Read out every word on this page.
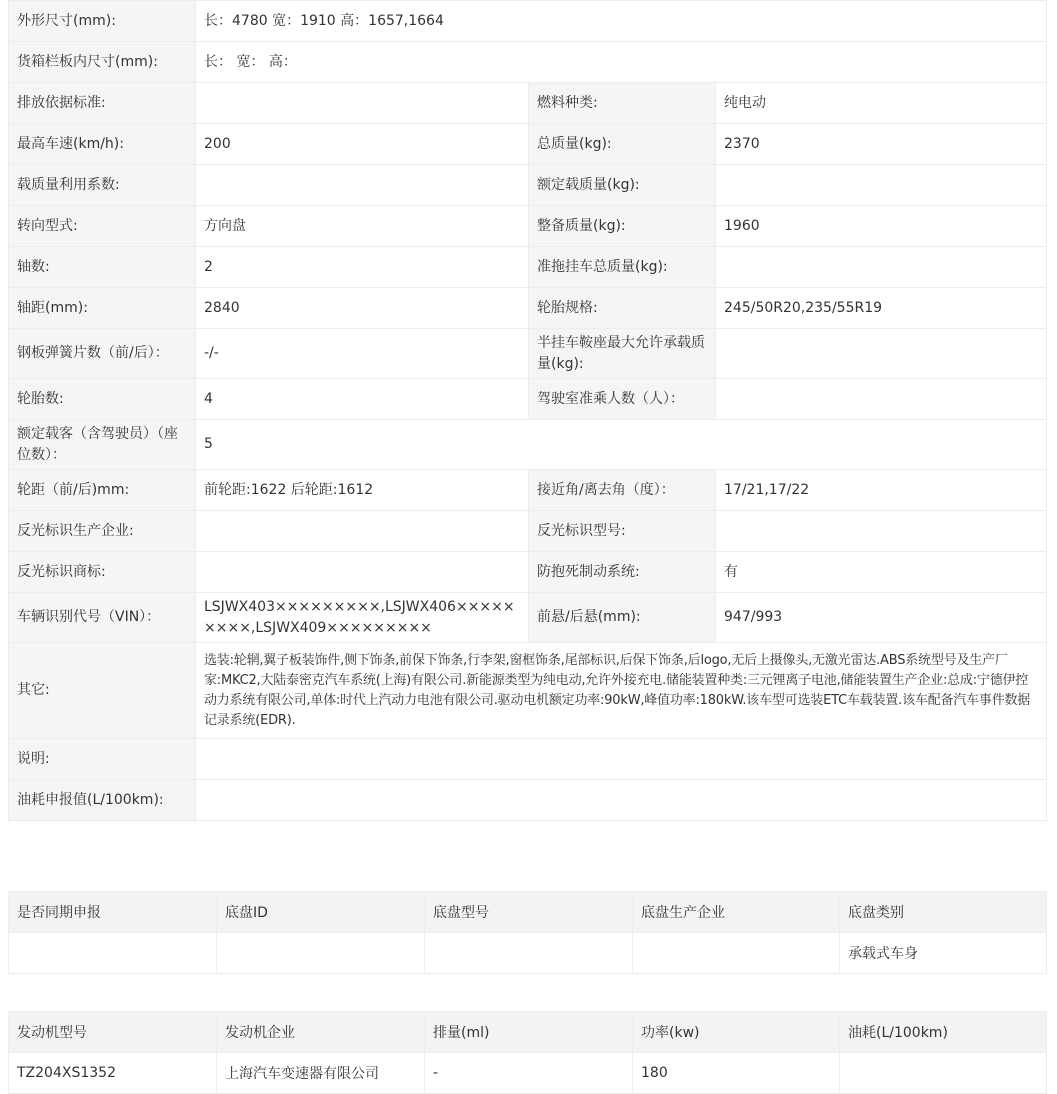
外形尺寸(mm):	长：4780 宽：1910 高：1657,1664		
货箱栏板内尺寸(mm):	长： 宽： 高：		
排放依据标准:		燃料种类:	纯电动
最高车速(km/h):	200	总质量(kg):	2370
载质量利用系数:		额定载质量(kg):	
转向型式:	方向盘	整备质量(kg):	1960
轴数:	2	准拖挂车总质量(kg):	
轴距(mm):	2840	轮胎规格:	245/50R20,235/55R19
钢板弹簧片数（前/后）：	-/-	半挂车鞍座最大允许承载质量(kg):	
轮胎数:	4	驾驶室准乘人数（人）：	
额定载客（含驾驶员）（座位数）：	5		
轮距（前/后)mm:	前轮距:1622 后轮距:1612	接近角/离去角（度）：	17/21,17/22
反光标识生产企业:		反光标识型号:	
反光标识商标:		防抱死制动系统:	有
车辆识别代号（VIN）：	LSJWX403×××××××××,LSJWX406×××××××××,LSJWX409×××××××××	前悬/后悬(mm):	947/993
其它:	选装:轮辋,翼子板装饰件,侧下饰条,前保下饰条,行李架,窗框饰条,尾部标识,后保下饰条,后logo,无后上摄像头,无激光雷达.ABS系统型号及生产厂家:MKC2,大陆泰密克汽车系统(上海)有限公司.新能源类型为纯电动,允许外接充电.储能装置种类:三元锂离子电池,储能装置生产企业:总成:宁德伊控动力系统有限公司,单体:时代上汽动力电池有限公司.驱动电机额定功率:90kW,峰值功率:180kW.该车型可选装ETC车载装置.该车配备汽车事件数据记录系统(EDR).		
说明:			
油耗申报值(L/100km):			
是否同期申报	底盘ID	底盘型号	底盘生产企业	底盘类别
				承载式车身
发动机型号	发动机企业	排量(ml)	功率(kw)	油耗(L/100km)
TZ204XS1352	上海汽车变速器有限公司	-	180	
